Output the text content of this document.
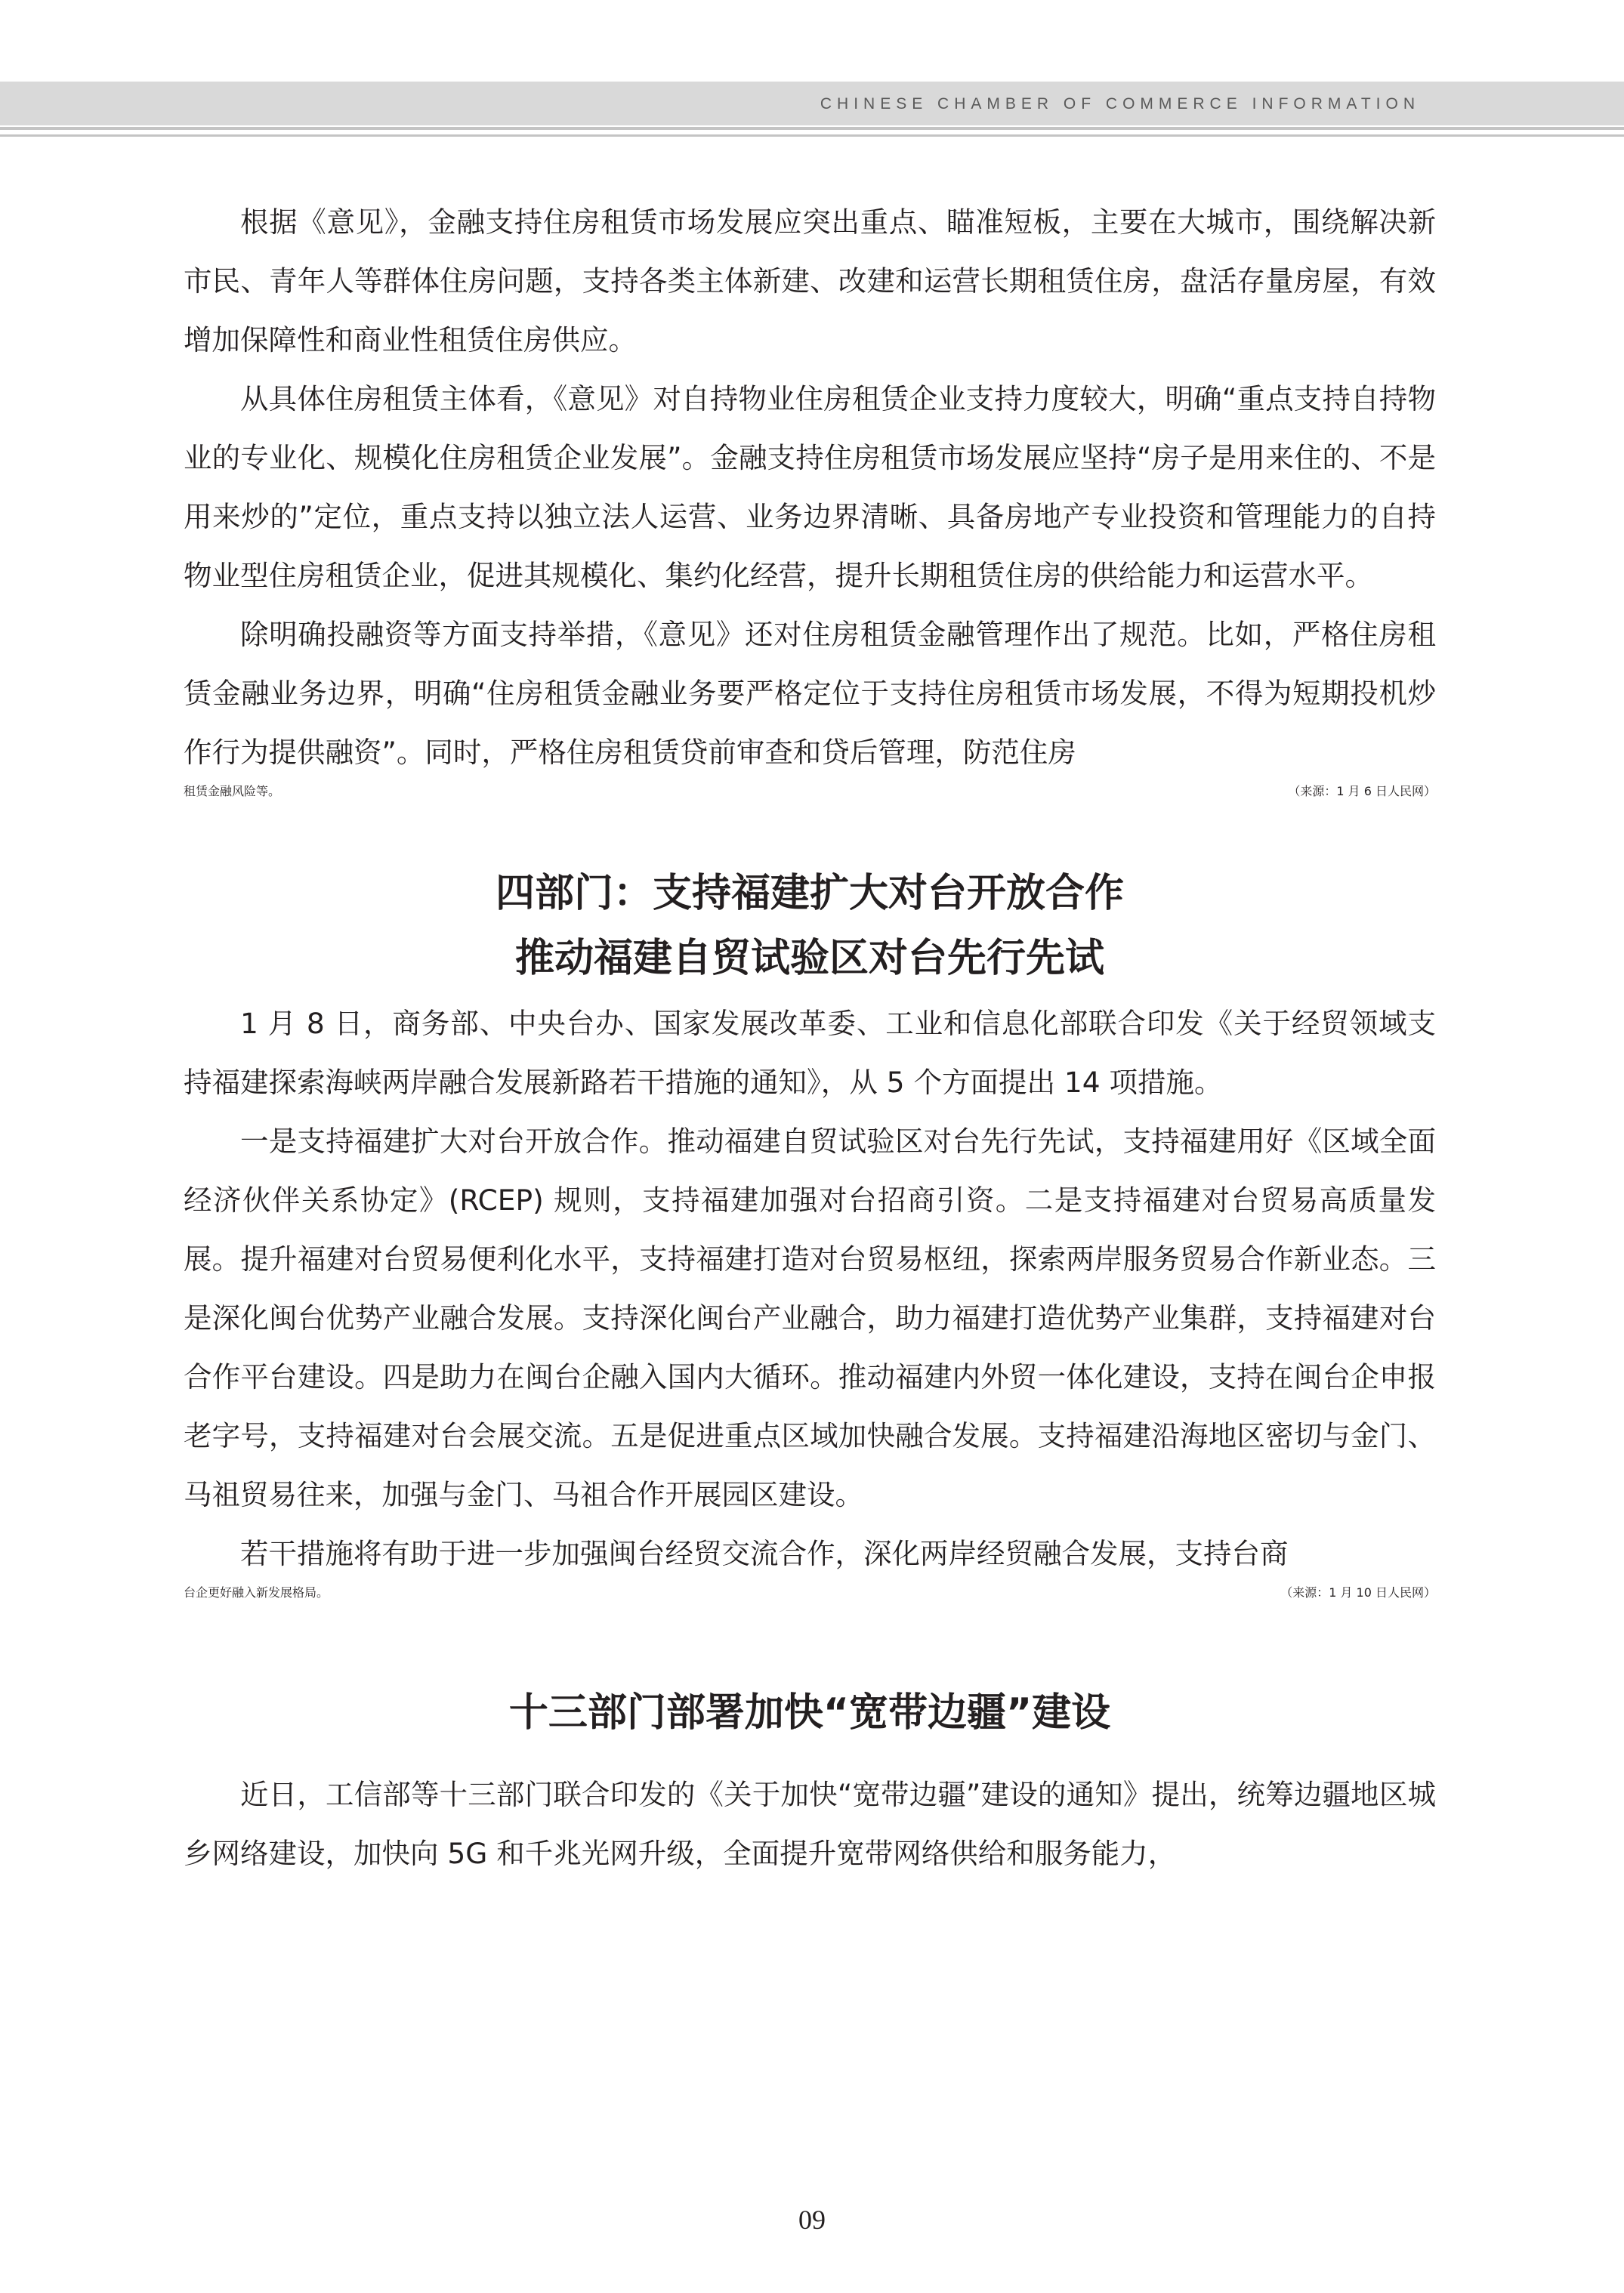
CHINESE CHAMBER OF COMMERCE INFORMATION

根据《意见》，金融支持住房租赁市场发展应突出重点、瞄准短板，主要在大城市，围绕解决新市民、青年人等群体住房问题，支持各类主体新建、改建和运营长期租赁住房，盘活存量房屋，有效增加保障性和商业性租赁住房供应。

从具体住房租赁主体看，《意见》对自持物业住房租赁企业支持力度较大，明确“重点支持自持物业的专业化、规模化住房租赁企业发展”。金融支持住房租赁市场发展应坚持“房子是用来住的、不是用来炒的”定位，重点支持以独立法人运营、业务边界清晰、具备房地产专业投资和管理能力的自持物业型住房租赁企业，促进其规模化、集约化经营，提升长期租赁住房的供给能力和运营水平。

除明确投融资等方面支持举措，《意见》还对住房租赁金融管理作出了规范。比如，严格住房租赁金融业务边界，明确“住房租赁金融业务要严格定位于支持住房租赁市场发展，不得为短期投机炒作行为提供融资”。同时，严格住房租赁贷前审查和贷后管理，防范住房

租赁金融风险等。	（来源：1 月 6 日人民网）
四部门：支持福建扩大对台开放合作
推动福建自贸试验区对台先行先试

1 月 8 日，商务部、中央台办、国家发展改革委、工业和信息化部联合印发《关于经贸领域支持福建探索海峡两岸融合发展新路若干措施的通知》，从 5 个方面提出 14 项措施。

一是支持福建扩大对台开放合作。推动福建自贸试验区对台先行先试，支持福建用好《区域全面经济伙伴关系协定》(RCEP) 规则，支持福建加强对台招商引资。二是支持福建对台贸易高质量发展。提升福建对台贸易便利化水平，支持福建打造对台贸易枢纽，探索两岸服务贸易合作新业态。三是深化闽台优势产业融合发展。支持深化闽台产业融合，助力福建打造优势产业集群，支持福建对台合作平台建设。四是助力在闽台企融入国内大循环。推动福建内外贸一体化建设，支持在闽台企申报老字号，支持福建对台会展交流。五是促进重点区域加快融合发展。支持福建沿海地区密切与金门、马祖贸易往来，加强与金门、马祖合作开展园区建设。

若干措施将有助于进一步加强闽台经贸交流合作，深化两岸经贸融合发展，支持台商

台企更好融入新发展格局。	（来源：1 月 10 日人民网）
十三部门部署加快“宽带边疆”建设

近日，工信部等十三部门联合印发的《关于加快“宽带边疆”建设的通知》提出，统筹边疆地区城乡网络建设，加快向 5G 和千兆光网升级，全面提升宽带网络供给和服务能力，

09
